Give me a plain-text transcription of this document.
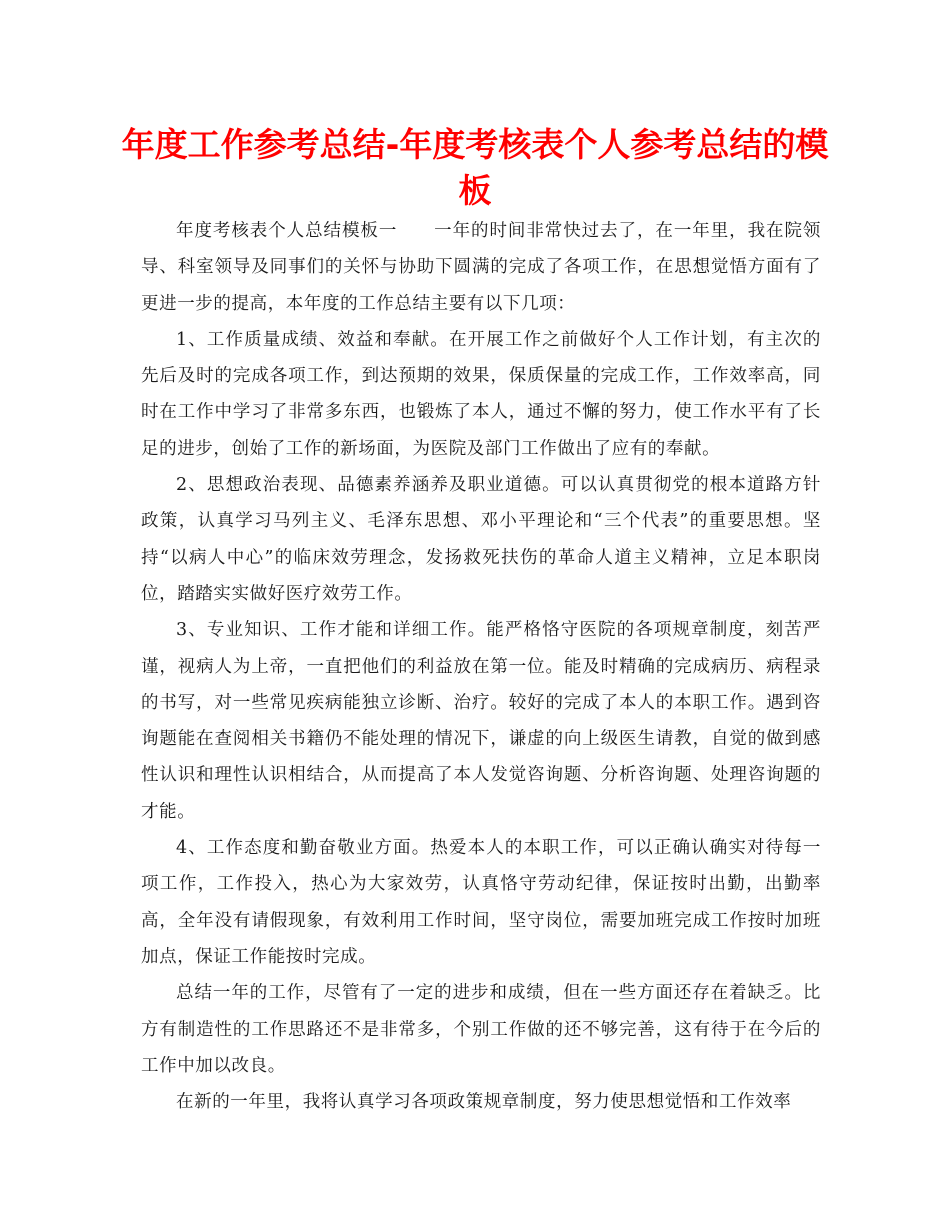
年度工作参考总结-年度考核表个人参考总结的模板

年度考核表个人总结模板一　　一年的时间非常快过去了，在一年里，我在院领导、科室领导及同事们的关怀与协助下圆满的完成了各项工作，在思想觉悟方面有了更进一步的提高，本年度的工作总结主要有以下几项：

1、工作质量成绩、效益和奉献。在开展工作之前做好个人工作计划，有主次的先后及时的完成各项工作，到达预期的效果，保质保量的完成工作，工作效率高，同时在工作中学习了非常多东西，也锻炼了本人，通过不懈的努力，使工作水平有了长足的进步，创始了工作的新场面，为医院及部门工作做出了应有的奉献。

2、思想政治表现、品德素养涵养及职业道德。可以认真贯彻党的根本道路方针政策，认真学习马列主义、毛泽东思想、邓小平理论和“三个代表”的重要思想。坚持“以病人中心”的临床效劳理念，发扬救死扶伤的革命人道主义精神，立足本职岗位，踏踏实实做好医疗效劳工作。

3、专业知识、工作才能和详细工作。能严格恪守医院的各项规章制度，刻苦严谨，视病人为上帝，一直把他们的利益放在第一位。能及时精确的完成病历、病程录的书写，对一些常见疾病能独立诊断、治疗。较好的完成了本人的本职工作。遇到咨询题能在查阅相关书籍仍不能处理的情况下，谦虚的向上级医生请教，自觉的做到感性认识和理性认识相结合，从而提高了本人发觉咨询题、分析咨询题、处理咨询题的才能。

4、工作态度和勤奋敬业方面。热爱本人的本职工作，可以正确认确实对待每一项工作，工作投入，热心为大家效劳，认真恪守劳动纪律，保证按时出勤，出勤率高，全年没有请假现象，有效利用工作时间，坚守岗位，需要加班完成工作按时加班加点，保证工作能按时完成。

总结一年的工作，尽管有了一定的进步和成绩，但在一些方面还存在着缺乏。比方有制造性的工作思路还不是非常多，个别工作做的还不够完善，这有待于在今后的工作中加以改良。

在新的一年里，我将认真学习各项政策规章制度，努力使思想觉悟和工作效率
